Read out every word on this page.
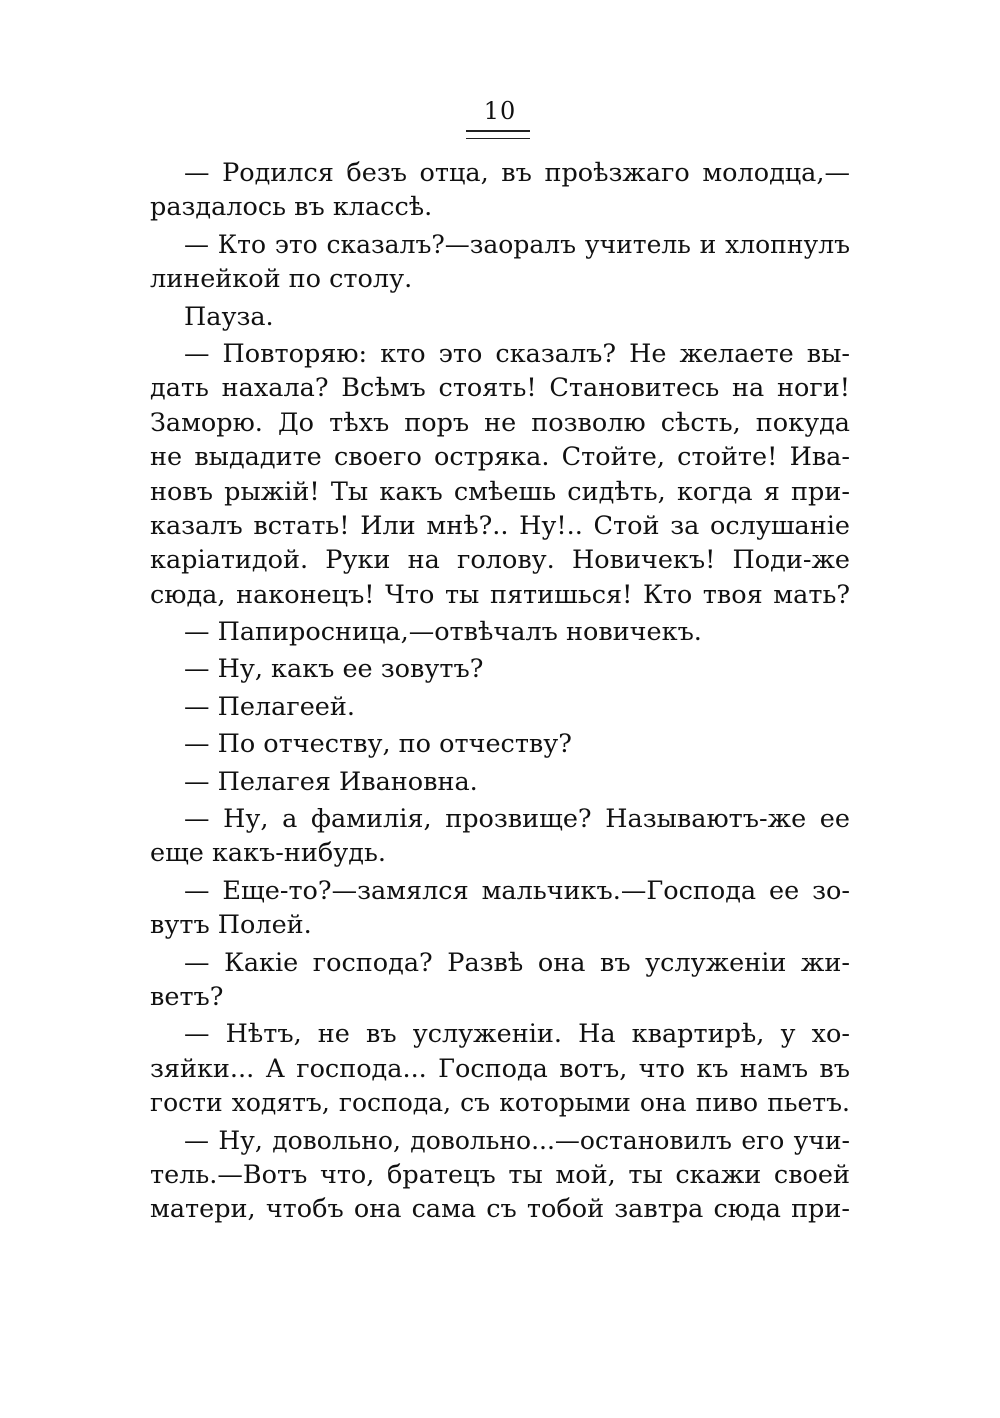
10
— Родился безъ отца, въ проѣзжаго молодца,—
раздалось въ классѣ.
— Кто это сказалъ?—заоралъ учитель и хлопнулъ
линейкой по столу.
Пауза.
— Повторяю: кто это сказалъ? Не желаете вы-
дать нахала? Всѣмъ стоять! Становитесь на ноги!
Заморю. До тѣхъ поръ не позволю сѣсть, покуда
не выдадите своего остряка. Стойте, стойте! Ива-
новъ рыжій! Ты какъ смѣешь сидѣть, когда я при-
казалъ встать! Или мнѣ?.. Ну!.. Стой за ослушаніе
каріатидой. Руки на голову. Новичекъ! Поди-же
сюда, наконецъ! Что ты пятишься! Кто твоя мать?
— Папиросница,—отвѣчалъ новичекъ.
— Ну, какъ ее зовутъ?
— Пелагеей.
— По отчеству, по отчеству?
— Пелагея Ивановна.
— Ну, а фамилія, прозвище? Называютъ-же ее
еще какъ-нибудь.
— Еще-то?—замялся мальчикъ.—Господа ее зо-
вутъ Полей.
— Какіе господа? Развѣ она въ услуженіи жи-
ветъ?
— Нѣтъ, не въ услуженіи. На квартирѣ, у хо-
зяйки... А господа... Господа вотъ, что къ намъ въ
гости ходятъ, господа, съ которыми она пиво пьетъ.
— Ну, довольно, довольно...—остановилъ его учи-
тель.—Вотъ что, братецъ ты мой, ты скажи своей
матери, чтобъ она сама съ тобой завтра сюда при-
